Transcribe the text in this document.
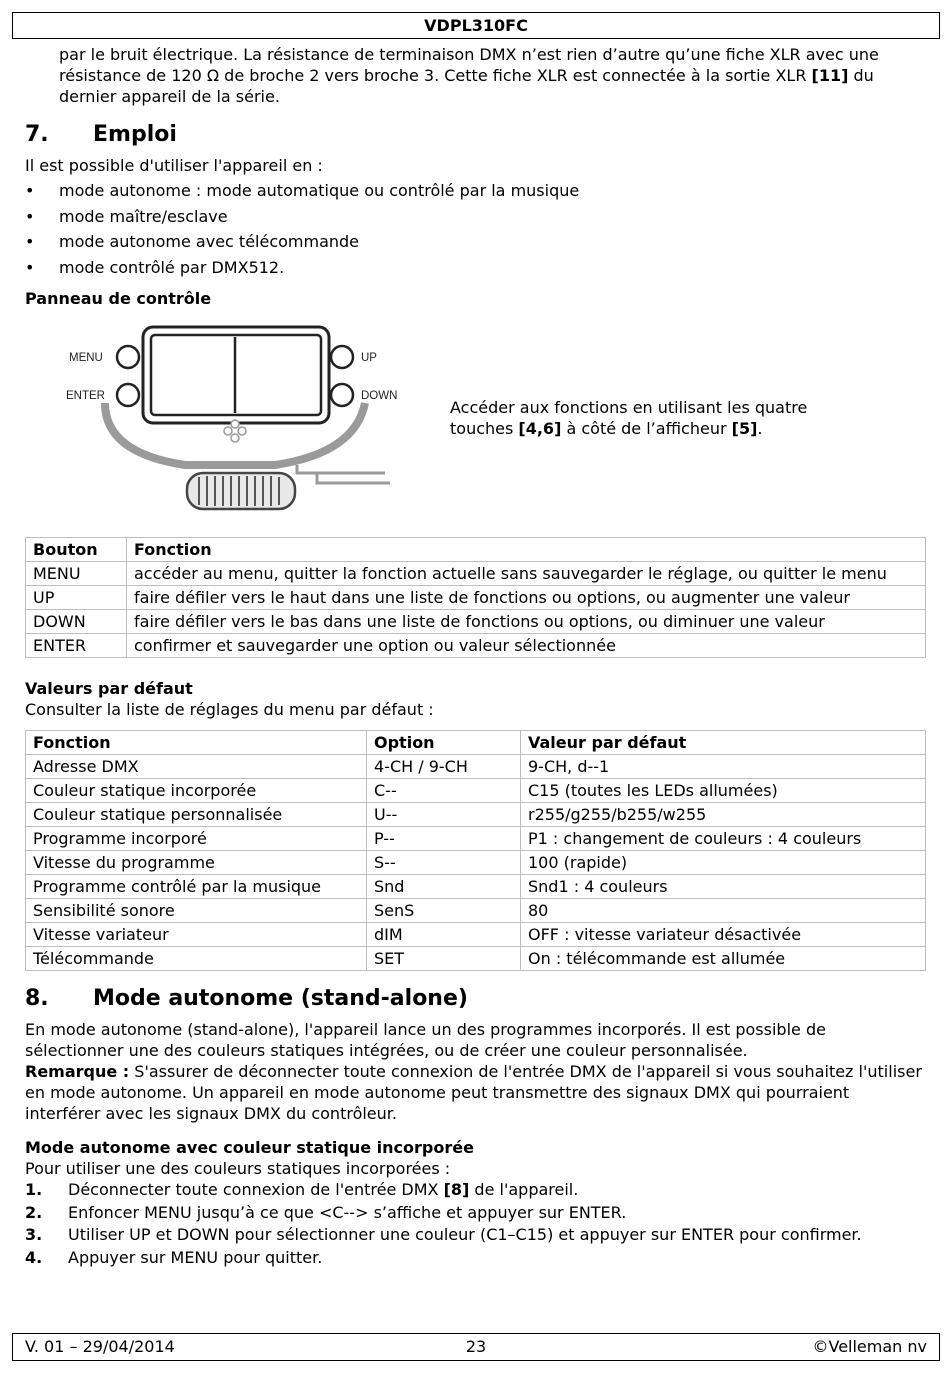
VDPL310FC

par le bruit électrique. La résistance de terminaison DMX n’est rien d’autre qu’une fiche XLR avec une résistance de 120 Ω de broche 2 vers broche 3. Cette fiche XLR est connectée à la sortie XLR [11] du dernier appareil de la série.

7.	Emploi

Il est possible d'utiliser l'appareil en :

• mode autonome : mode automatique ou contrôlé par la musique
• mode maître/esclave
• mode autonome avec télécommande
• mode contrôlé par DMX512.

Panneau de contrôle

MENU
ENTER
UP
DOWN

Accéder aux fonctions en utilisant les quatre touches [4,6] à côté de l’afficheur [5].

Bouton	Fonction
MENU	accéder au menu, quitter la fonction actuelle sans sauvegarder le réglage, ou quitter le menu
UP	faire défiler vers le haut dans une liste de fonctions ou options, ou augmenter une valeur
DOWN	faire défiler vers le bas dans une liste de fonctions ou options, ou diminuer une valeur
ENTER	confirmer et sauvegarder une option ou valeur sélectionnée

Valeurs par défaut

Consulter la liste de réglages du menu par défaut :

Fonction	Option	Valeur par défaut
Adresse DMX	4-CH / 9-CH	9-CH, d--1
Couleur statique incorporée	C--	C15 (toutes les LEDs allumées)
Couleur statique personnalisée	U--	r255/g255/b255/w255
Programme incorporé	P--	P1 : changement de couleurs : 4 couleurs
Vitesse du programme	S--	100 (rapide)
Programme contrôlé par la musique	Snd	Snd1 : 4 couleurs
Sensibilité sonore	SenS	80
Vitesse variateur	dIM	OFF : vitesse variateur désactivée
Télécommande	SET	On : télécommande est allumée
8.	Mode autonome (stand-alone)

En mode autonome (stand-alone), l'appareil lance un des programmes incorporés. Il est possible de sélectionner une des couleurs statiques intégrées, ou de créer une couleur personnalisée.

Remarque : S'assurer de déconnecter toute connexion de l'entrée DMX de l'appareil si vous souhaitez l'utiliser en mode autonome. Un appareil en mode autonome peut transmettre des signaux DMX qui pourraient interférer avec les signaux DMX du contrôleur.

Mode autonome avec couleur statique incorporée

Pour utiliser une des couleurs statiques incorporées :

1.	Déconnecter toute connexion de l'entrée DMX [8] de l'appareil.
2.	Enfoncer MENU jusqu’à ce que <C--> s’affiche et appuyer sur ENTER.
3.	Utiliser UP et DOWN pour sélectionner une couleur (C1–C15) et appuyer sur ENTER pour confirmer.
4.	Appuyer sur MENU pour quitter.
V. 01 – 29/04/2014	23	©Velleman nv
